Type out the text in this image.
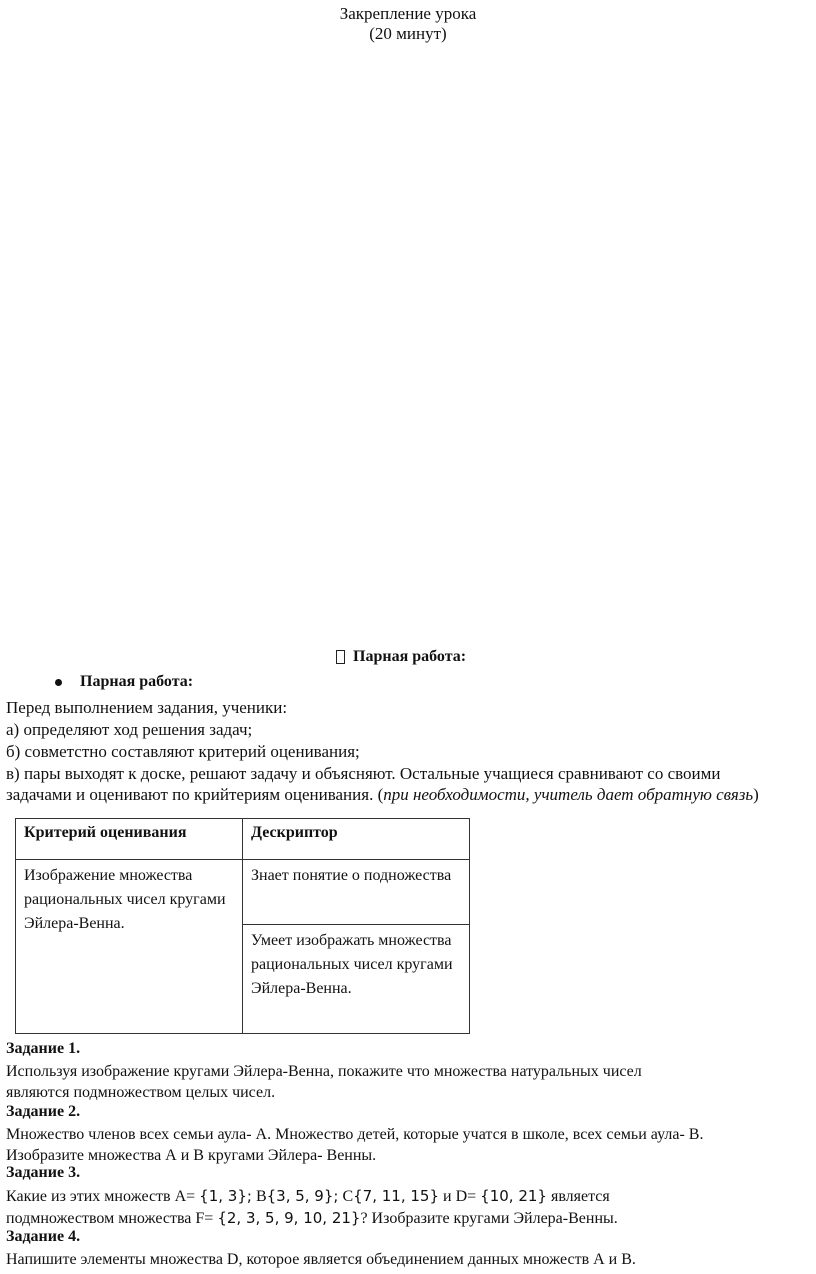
Закрепление урока
(20 минут)
Парная работа:
Парная работа:
Перед выполнением задания, ученики:
а) определяют ход решения задач;
б) совметстно составляют критерий оценивания;
в) пары выходят к доске, решают задачу и объясняют. Остальные учащиеся сравнивают со своими
задачами и оценивают по крийтериям оценивания. (при необходимости, учитель дает обратную связь)
Критерий оценивания	Дескриптор
Изображение множества рациональных чисел кругами Эйлера-Венна.	Знает понятие о подножества
	Умеет изображать множества рациональных чисел кругами Эйлера-Венна.
Задание 1.
Используя изображение кругами Эйлера-Венна, покажите что множества натуральных чисел
являются подмножеством целых чисел.
Задание 2.
Множество членов всех семьи аула- А. Множество детей, которые учатся в школе, всех семьи аула- В.
Изобразите множества А и В кругами Эйлера- Венны.
Задание 3.
Какие из этих множеств A= {1, 3}; B{3, 5, 9}; C{7, 11, 15} и D= {10, 21} является
подмножеством множества F= {2, 3, 5, 9, 10, 21}? Изобразите кругами Эйлера-Венны.
Задание 4.
Напишите элементы множества D, которое является объединением данных множеств А и В.
